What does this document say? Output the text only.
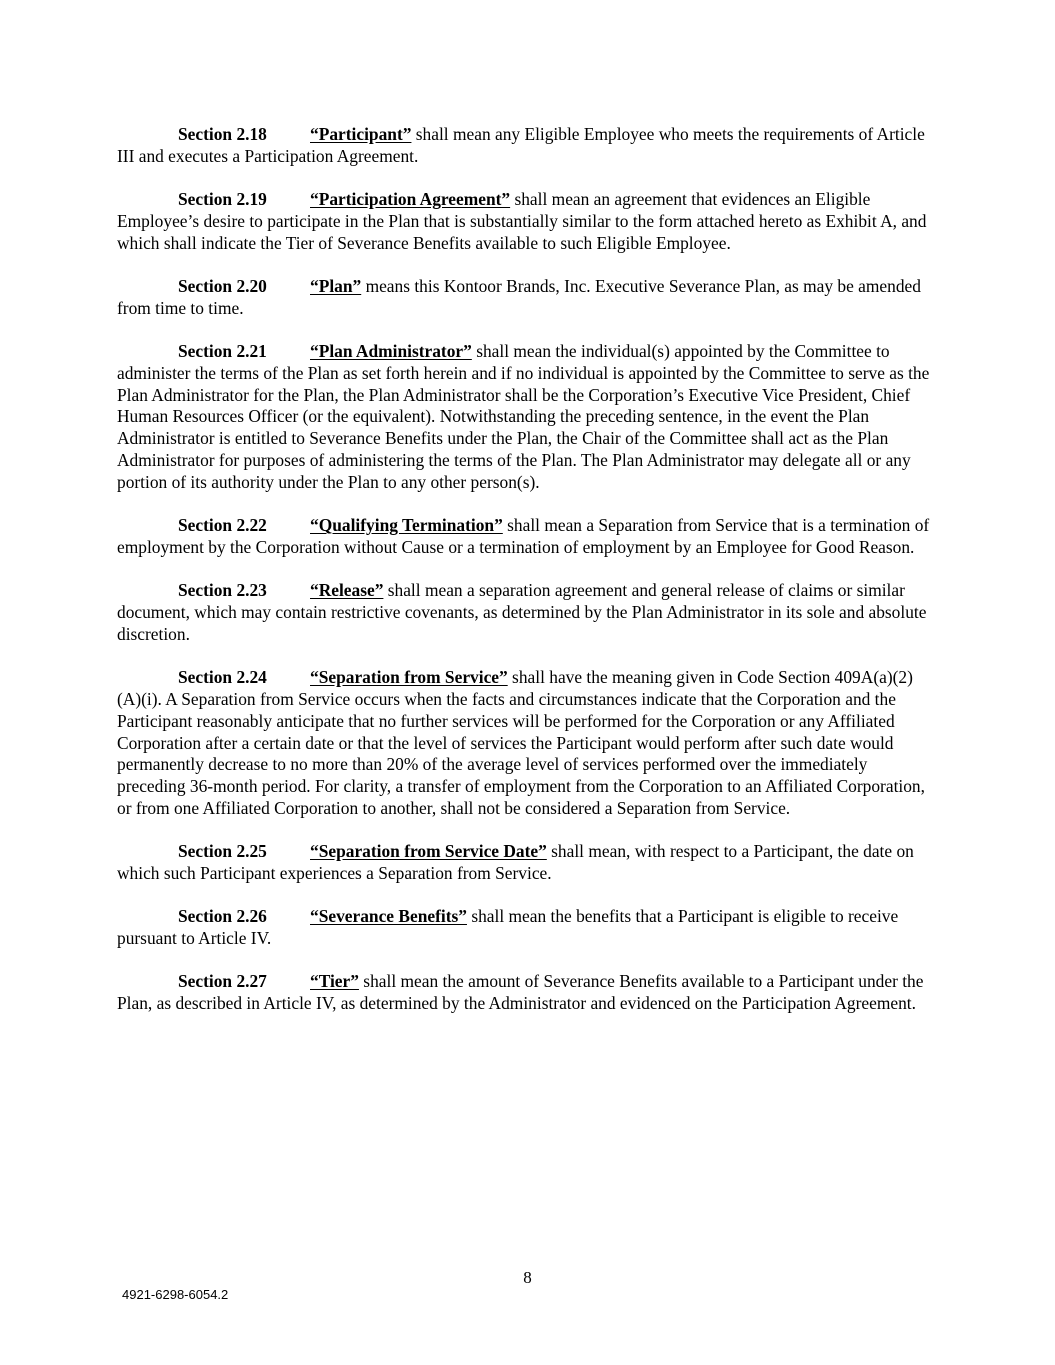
Section 2.18 “Participant” shall mean any Eligible Employee who meets the requirements of Article III and executes a Participation Agreement.

Section 2.19 “Participation Agreement” shall mean an agreement that evidences an Eligible Employee’s desire to participate in the Plan that is substantially similar to the form attached hereto as Exhibit A, and which shall indicate the Tier of Severance Benefits available to such Eligible Employee.

Section 2.20 “Plan” means this Kontoor Brands, Inc. Executive Severance Plan, as may be amended from time to time.

Section 2.21 “Plan Administrator” shall mean the individual(s) appointed by the Committee to administer the terms of the Plan as set forth herein and if no individual is appointed by the Committee to serve as the Plan Administrator for the Plan, the Plan Administrator shall be the Corporation’s Executive Vice President, Chief Human Resources Officer (or the equivalent). Notwithstanding the preceding sentence, in the event the Plan Administrator is entitled to Severance Benefits under the Plan, the Chair of the Committee shall act as the Plan Administrator for purposes of administering the terms of the Plan. The Plan Administrator may delegate all or any portion of its authority under the Plan to any other person(s).

Section 2.22 “Qualifying Termination” shall mean a Separation from Service that is a termination of employment by the Corporation without Cause or a termination of employment by an Employee for Good Reason.

Section 2.23 “Release” shall mean a separation agreement and general release of claims or similar document, which may contain restrictive covenants, as determined by the Plan Administrator in its sole and absolute discretion.

Section 2.24 “Separation from Service” shall have the meaning given in Code Section 409A(a)(2)(A)(i). A Separation from Service occurs when the facts and circumstances indicate that the Corporation and the Participant reasonably anticipate that no further services will be performed for the Corporation or any Affiliated Corporation after a certain date or that the level of services the Participant would perform after such date would permanently decrease to no more than 20% of the average level of services performed over the immediately preceding 36-month period. For clarity, a transfer of employment from the Corporation to an Affiliated Corporation, or from one Affiliated Corporation to another, shall not be considered a Separation from Service.

Section 2.25 “Separation from Service Date” shall mean, with respect to a Participant, the date on which such Participant experiences a Separation from Service.

Section 2.26 “Severance Benefits” shall mean the benefits that a Participant is eligible to receive pursuant to Article IV.

Section 2.27 “Tier” shall mean the amount of Severance Benefits available to a Participant under the Plan, as described in Article IV, as determined by the Administrator and evidenced on the Participation Agreement.

8
4921-6298-6054.2
